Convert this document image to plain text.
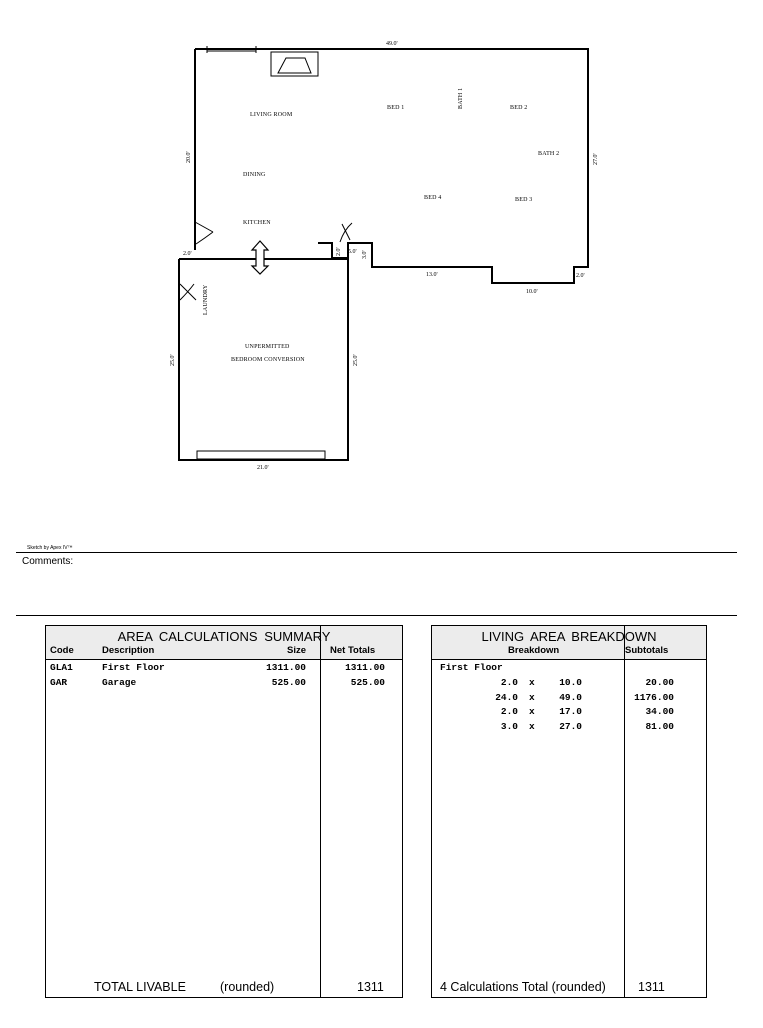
LIVING ROOM
DINING
KITCHEN
BED 1	BATH 1	BED 2
BATH 2
BED 4	BED 3
LAUNDRY
UNPERMITTED
BEDROOM CONVERSION
49.0'
20.0'	27.0'
2.0'	2.0' 5.0' 3.0'
13.0'
10.0'
2.0'
25.0'	25.0'
21.0'
Sketch by Apex IV™
Comments:
AREA CALCULATIONS SUMMARY
Code	Description	Size	Net Totals
GLA1	First Floor	1311.00	1311.00
GAR	Garage	525.00	525.00
TOTAL LIVABLE	(rounded)	1311
LIVING AREA BREAKDOWN
Breakdown	Subtotals
First Floor
2.0 x	10.0	20.00
24.0 x	49.0	1176.00
2.0 x	17.0	34.00
3.0 x	27.0	81.00
4 Calculations Total (rounded)	1311
